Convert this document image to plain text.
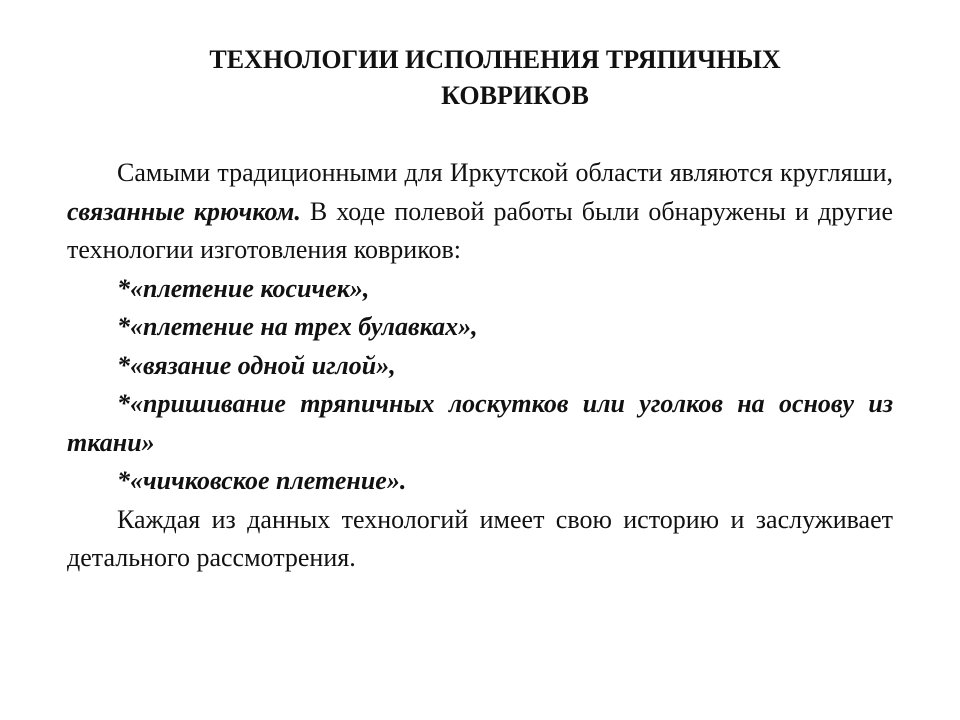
ТЕХНОЛОГИИ ИСПОЛНЕНИЯ ТРЯПИЧНЫХ
КОВРИКОВ

Самыми традиционными для Иркутской области являются кругляши, связанные крючком. В ходе полевой работы были обнаружены и другие технологии изготовления ковриков:

*«плетение косичек»,

*«плетение на трех булавках»,

*«вязание одной иглой»,

*«пришивание тряпичных лоскутков или уголков на основу из ткани»

*«чичковское плетение».

Каждая из данных технологий имеет свою историю и заслуживает детального рассмотрения.
